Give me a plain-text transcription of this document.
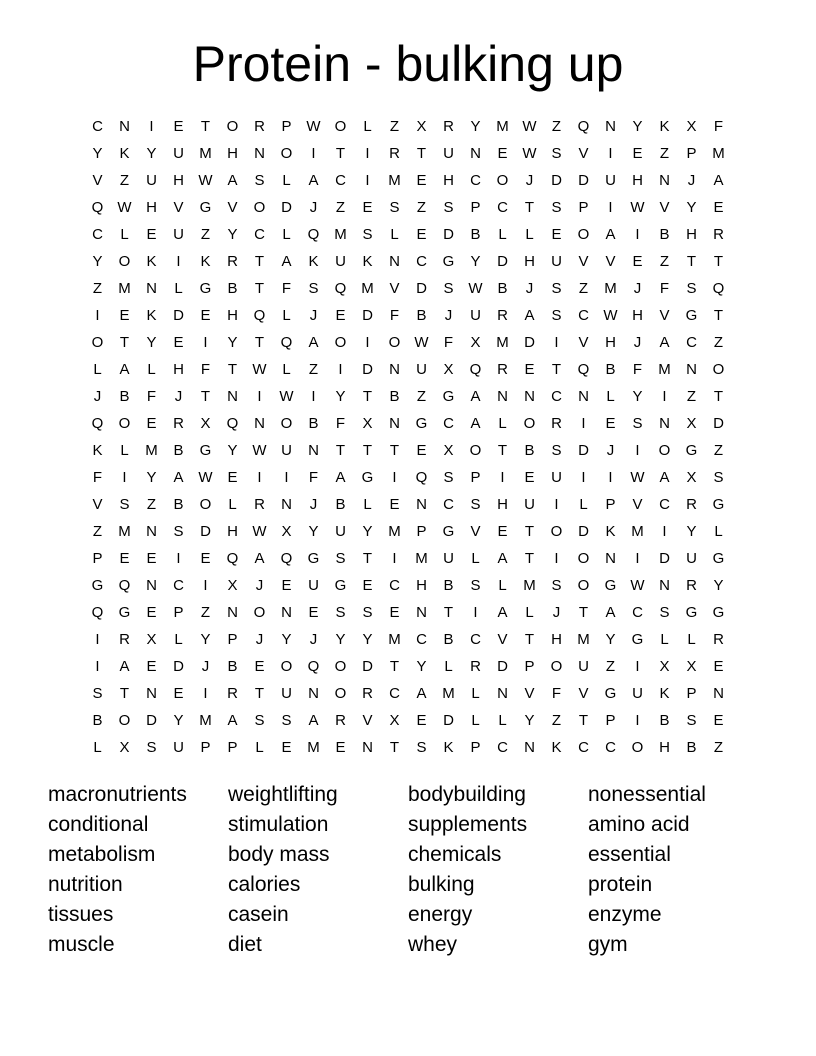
Protein - bulking up
C	N	I	E	T	O	R	P W O	L	Z	X	R	Y	M W	Z	Q	N	Y	K	X	F
Y	K	Y	U	M	H	N	O	I	T	I	R	T	U	N	E W S	V	I	E	Z	P	M
V	Z	U	H W A	S	L	A	C	I	M	E	H	C	O	J	D	D	U	H	N	J	A
Q W H	V	G	V	O	D	J	Z	E	S	Z	S	P	C	T	S	P	I	W V	Y	E
C	L	E	U	Z	Y	C	L	Q M	S	L	E	D	B	L	L	E	O	A	I	B	H	R
Y	O	K	I	K	R	T	A	K	U	K	N	C	G	Y	D	H	U	V	V	E	Z	T	T
Z	M	N	L	G	B	T	F	S	Q M	V	D	S W B	J	S	Z	M	J	F	S	Q
I	E	K	D	E	H	Q	L	J	E	D	F	B	J	U	R	A	S	C W H	V	G	T
O	T	Y	E	I	Y	T	Q	A	O	I	O W	F	X	M	D	I	V	H	J	A	C	Z
L	A	L	H	F	T	W	L	Z	I	D	N	U	X	Q	R	E	T	Q	B	F	M	N	O
J	B	F	J	T	N	I	W	I	Y	T	B	Z	G	A	N	N	C	N	L	Y	I	Z	T
Q	O	E	R	X	Q	N	O	B	F	X	N	G	C	A	L	O	R	I	E	S	N	X	D
K	L	M	B	G	Y W U	N	T	T	T	E	X	O	T	B	S	D	J	I	O	G	Z
F	I	Y	A W E	I	I	F	A	G	I	Q	S	P	I	E	U	I	I	W A	X	S
V	S	Z	B	O	L	R	N	J	B	L	E	N	C	S	H	U	I	L	P	V	C	R	G
Z	M	N	S	D	H W X	Y	U	Y	M	P	G	V	E	T	O	D	K	M	I	Y	L
P	E	E	I	E	Q	A	Q	G	S	T	I	M	U	L	A	T	I	O	N	I	D	U	G
G	Q	N	C	I	X	J	E	U	G	E	C	H	B	S	L	M	S	O	G W N	R	Y
Q	G	E	P	Z	N	O	N	E	S	S	E	N	T	I	A	L	J	T	A	C	S	G	G
I	R	X	L	Y	P	J	Y	J	Y	Y	M	C	B	C	V	T	H	M	Y	G	L	L	R
I	A	E	D	J	B	E	O	Q	O	D	T	Y	L	R	D	P	O	U	Z	I	X	X	E
S	T	N	E	I	R	T	U	N	O	R	C	A	M	L	N	V	F	V	G	U	K	P	N
B	O	D	Y	M	A	S	S	A	R	V	X	E	D	L	L	Y	Z	T	P	I	B	S	E
L	X	S	U	P	P	L	E	M	E	N	T	S	K	P	C	N	K	C	C	O	H	B	Z
macronutrients
conditional
metabolism
nutrition
tissues
muscle
weightlifting
stimulation
body mass
calories
casein
diet
bodybuilding
supplements
chemicals
bulking
energy
whey
nonessential
amino acid
essential
protein
enzyme
gym
